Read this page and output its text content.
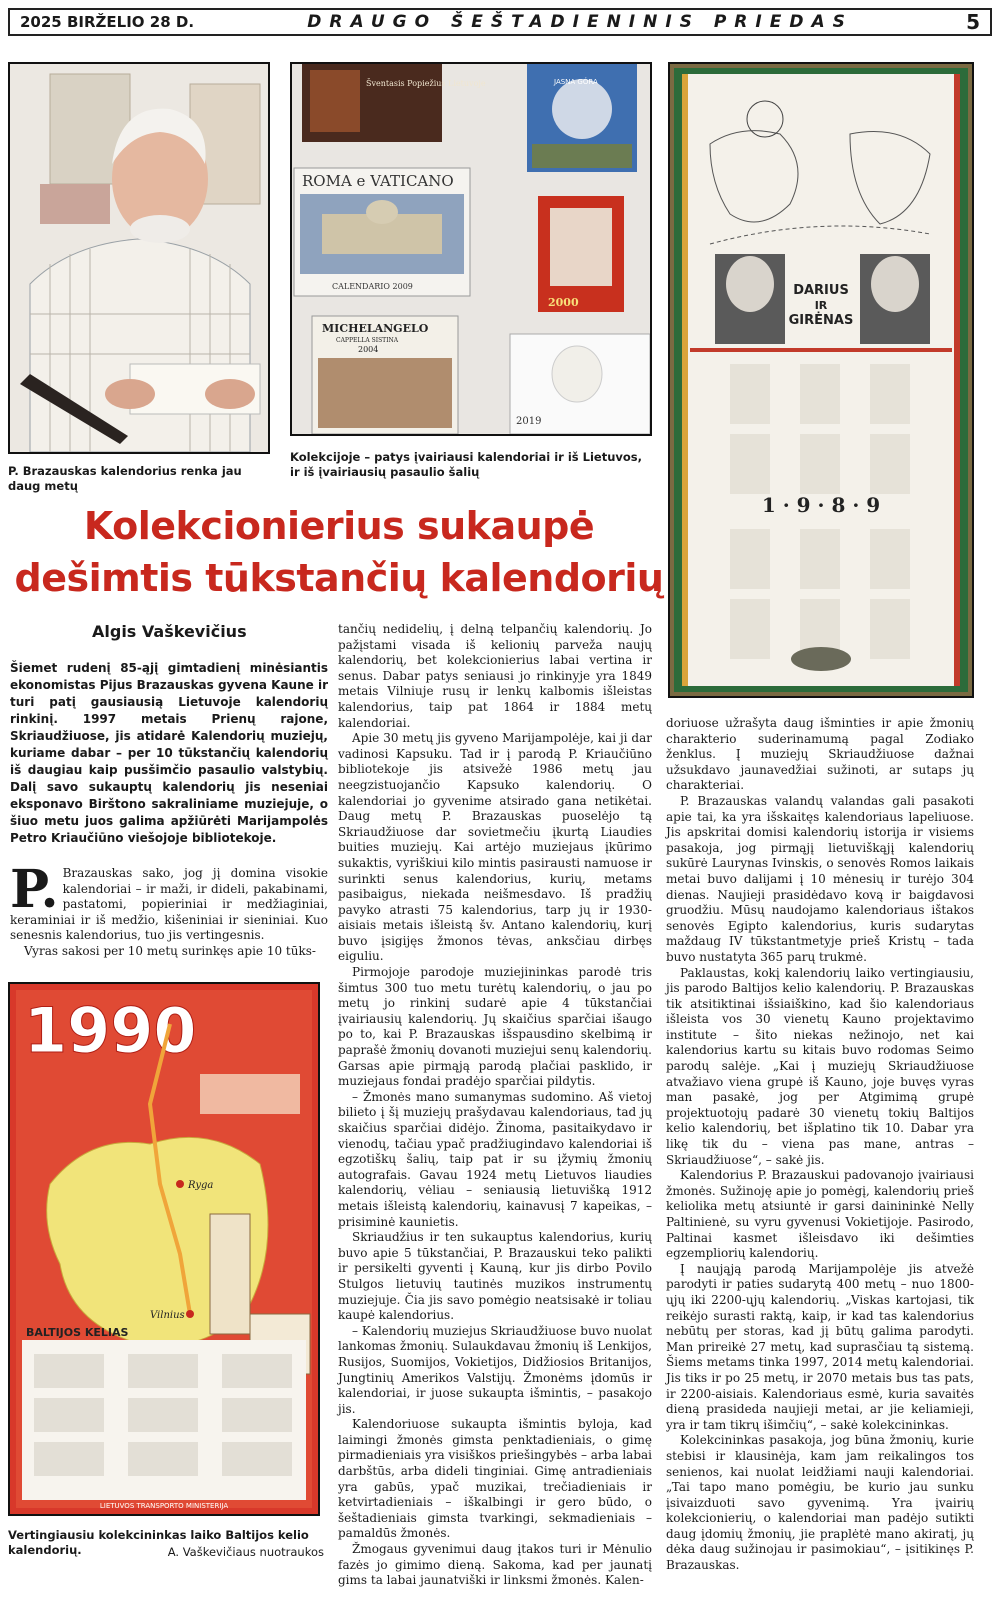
2025 BIRŽELIO 28 D.	DRAUGO ŠEŠTADIENINIS PRIEDAS	5
P. Brazauskas kalendorius renka jau daug metų
Šventasis Popiežius Lietuvoje	JASNA GÓRA
ROMA e VATICANO
CALENDARIO 2009
2000
MICHELANGELO
CAPPELLA SISTINA
2004
2019
Kolekcijoje – patys įvairiausi kalendoriai ir iš Lietuvos, ir iš įvairiausių pasaulio šalių
DARIUS
IR
GIRĖNAS
1 · 9 · 8 · 9
Kolekcionierius sukaupė
dešimtis tūkstančių kalendorių
Algis Vaškevičius
Šiemet rudenį 85-ąjį gimtadienį minėsiantis ekonomistas Pijus Brazauskas gyvena Kaune ir turi patį gausiausią Lietuvoje kalendorių rinkinį. 1997 metais Prienų rajone, Skriaudžiuose, jis atidarė Kalendorių muziejų, kuriame dabar – per 10 tūkstančių kalendorių iš daugiau kaip pusšimčio pasaulio valstybių. Dalį savo sukauptų kalendorių jis neseniai eksponavo Birštono sakraliniame muziejuje, o šiuo metu juos galima apžiūrėti Marijampolės Petro Kriaučiūno viešojoje bibliotekoje.

P. Brazauskas sako, jog jį domina visokie kalendoriai – ir maži, ir dideli, pakabinami, pastatomi, popieriniai ir medžiaginiai, keraminiai ir iš medžio, kišeniniai ir sieniniai. Kuo senesnis kalendorius, tuo jis vertingesnis.

Vyras sakosi per 10 metų surinkęs apie 10 tūks-

1990
Ryga
Vilnius
BALTIJOS KELIAS
LIETUVOS TRANSPORTO MINISTERIJA
Vertingiausiu kolekcininkas laiko Baltijos kelio kalendorių.	A. Vaškevičiaus nuotraukos

tančių nedidelių, į delną telpančių kalendorių. Jo pažįstami visada iš kelionių parveža naujų kalendorių, bet kolekcionierius labai vertina ir senus. Dabar patys seniausi jo rinkinyje yra 1849 metais Vilniuje rusų ir lenkų kalbomis išleistas kalendorius, taip pat 1864 ir 1884 metų kalendoriai.

Apie 30 metų jis gyveno Marijampolėje, kai ji dar vadinosi Kapsuku. Tad ir į parodą P. Kriaučiūno bibliotekoje jis atsivežė 1986 metų jau neegzistuojančio Kapsuko kalendorių. O kalendoriai jo gyvenime atsirado gana netikėtai. Daug metų P. Brazauskas puoselėjo tą Skriaudžiuose dar sovietmečiu įkurtą Liaudies buities muziejų. Kai artėjo muziejaus įkūrimo sukaktis, vyriškiui kilo mintis pasirausti namuose ir surinkti senus kalendorius, kurių, metams pasibaigus, niekada neišmesdavo. Iš pradžių pavyko atrasti 75 kalendorius, tarp jų ir 1930-aisiais metais išleistą šv. Antano kalendorių, kurį buvo įsigijęs žmonos tėvas, anksčiau dirbęs eiguliu.

Pirmojoje parodoje muziejininkas parodė tris šimtus 300 tuo metu turėtų kalendorių, o jau po metų jo rinkinį sudarė apie 4 tūkstančiai įvairiausių kalendorių. Jų skaičius sparčiai išaugo po to, kai P. Brazauskas išspausdino skelbimą ir paprašė žmonių dovanoti muziejui senų kalendorių. Garsas apie pirmąją parodą plačiai pasklido, ir muziejaus fondai pradėjo sparčiai pildytis.

– Žmonės mano sumanymas sudomino. Aš vietoj bilieto į šį muziejų prašydavau kalendoriaus, tad jų skaičius sparčiai didėjo. Žinoma, pasitaikydavo ir vienodų, tačiau ypač pradžiugindavo kalendoriai iš egzotiškų šalių, taip pat ir su įžymių žmonių autografais. Gavau 1924 metų Lietuvos liaudies kalendorių, vėliau – seniausią lietuvišką 1912 metais išleistą kalendorių, kainavusį 7 kapeikas, – prisiminė kaunietis.

Skriaudžius ir ten sukauptus kalendorius, kurių buvo apie 5 tūkstančiai, P. Brazauskui teko palikti ir persikelti gyventi į Kauną, kur jis dirbo Povilo Stulgos lietuvių tautinės muzikos instrumentų muziejuje. Čia jis savo pomėgio neatsisakė ir toliau kaupė kalendorius.

– Kalendorių muziejus Skriaudžiuose buvo nuolat lankomas žmonių. Sulaukdavau žmonių iš Lenkijos, Rusijos, Suomijos, Vokietijos, Didžiosios Britanijos, Jungtinių Amerikos Valstijų. Žmonėms įdomūs ir kalendoriai, ir juose sukaupta išmintis, – pasakojo jis.

Kalendoriuose sukaupta išmintis byloja, kad laimingi žmonės gimsta penktadieniais, o gimę pirmadieniais yra visiškos priešingybės – arba labai darbštūs, arba dideli tinginiai. Gimę antradieniais yra gabūs, ypač muzikai, trečiadieniais ir ketvirtadieniais – iškalbingi ir gero būdo, o šeštadieniais gimsta tvarkingi, sekmadieniais – pamaldūs žmonės.

Žmogaus gyvenimui daug įtakos turi ir Mėnulio fazės jo gimimo dieną. Sakoma, kad per jaunatį gims ta labai jaunatviški ir linksmi žmonės. Kalen-

doriuose užrašyta daug išminties ir apie žmonių charakterio suderinamumą pagal Zodiako ženklus. Į muziejų Skriaudžiuose dažnai užsukdavo jaunavedžiai sužinoti, ar sutaps jų charakteriai.

P. Brazauskas valandų valandas gali pasakoti apie tai, ka yra išskaitęs kalendoriaus lapeliuose. Jis apskritai domisi kalendorių istorija ir visiems pasakoja, jog pirmąjį lietuviškąjį kalendorių sukūrė Laurynas Ivinskis, o senovės Romos laikais metai buvo dalijami į 10 mėnesių ir turėjo 304 dienas. Naujieji prasidėdavo kovą ir baigdavosi gruodžiu. Mūsų naudojamo kalendoriaus ištakos senovės Egipto kalendorius, kuris sudarytas maždaug IV tūkstantmetyje prieš Kristų – tada buvo nustatyta 365 parų trukmė.

Paklaustas, kokį kalendorių laiko vertingiausiu, jis parodo Baltijos kelio kalendorių. P. Brazauskas tik atsitiktinai išsiaiškino, kad šio kalendoriaus išleista vos 30 vienetų Kauno projektavimo institute – šito niekas nežinojo, net kai kalendorius kartu su kitais buvo rodomas Seimo parodų salėje. „Kai į muziejų Skriaudžiuose atvažiavo viena grupė iš Kauno, joje buvęs vyras man pasakė, jog per Atgimimą grupė projektuotojų padarė 30 vienetų tokių Baltijos kelio kalendorių, bet išplatino tik 10. Dabar yra likę tik du – viena pas mane, antras – Skriaudžiuose“, – sakė jis.

Kalendorius P. Brazauskui padovanojo įvairiausi žmonės. Sužinoję apie jo pomėgį, kalendorių prieš keliolika metų atsiuntė ir garsi dainininkė Nelly Paltinienė, su vyru gyvenusi Vokietijoje. Pasirodo, Paltinai kasmet išleisdavo iki dešimties egzempliorių kalendorių.

Į naująją parodą Marijampolėje jis atvežė parodyti ir paties sudarytą 400 metų – nuo 1800-ųjų iki 2200-ųjų kalendorių. „Viskas kartojasi, tik reikėjo surasti raktą, kaip, ir kad tas kalendorius nebūtų per storas, kad jį būtų galima parodyti. Man prireikė 27 metų, kad suprasčiau tą sistemą. Šiems metams tinka 1997, 2014 metų kalendoriai. Jis tiks ir po 25 metų, ir 2070 metais bus tas pats, ir 2200-aisiais. Kalendoriaus esmė, kuria savaitės dieną prasideda naujieji metai, ar jie keliamieji, yra ir tam tikrų išimčių“, – sakė kolekcininkas.

Kolekcininkas pasakoja, jog būna žmonių, kurie stebisi ir klausinėja, kam jam reikalingos tos senienos, kai nuolat leidžiami nauji kalendoriai. „Tai tapo mano pomėgiu, be kurio jau sunku įsivaizduoti savo gyvenimą. Yra įvairių kolekcionierių, o kalendoriai man padėjo sutikti daug įdomių žmonių, jie praplėtė mano akiratį, jų dėka daug sužinojau ir pasimokiau“, – įsitikinęs P. Brazauskas.
